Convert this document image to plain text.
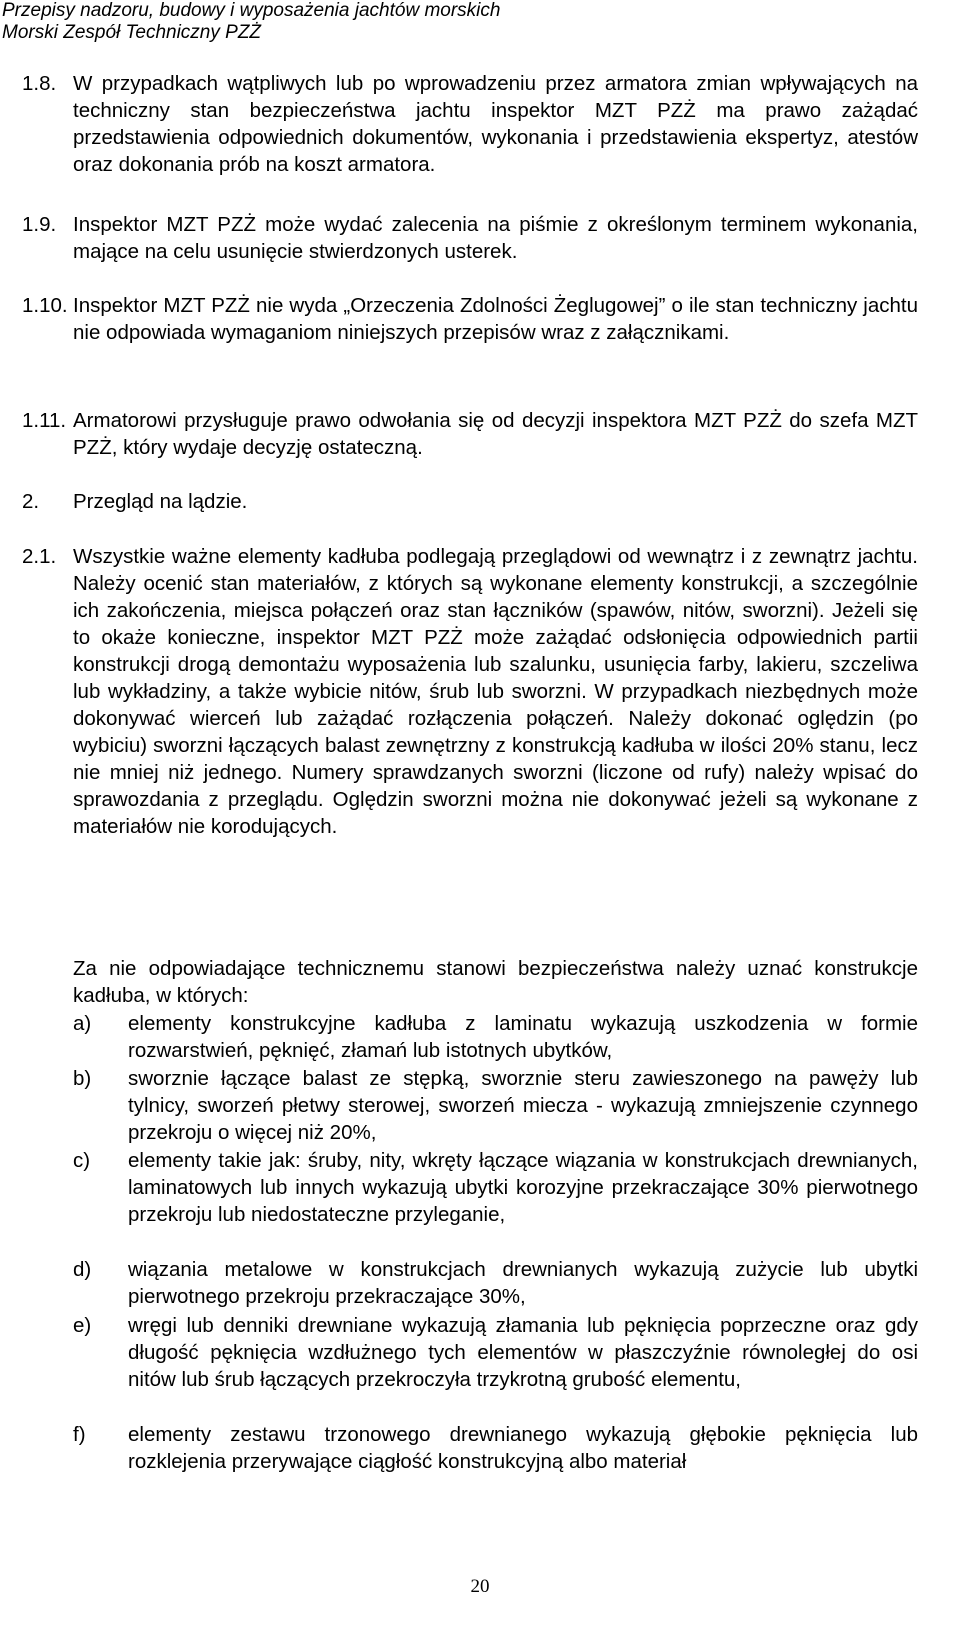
Przepisy nadzoru, budowy i wyposażenia jachtów morskich
Morski Zespół Techniczny PZŻ
1.8. W przypadkach wątpliwych lub po wprowadzeniu przez armatora zmian wpływających na techniczny stan bezpieczeństwa jachtu inspektor MZT PZŻ ma prawo zażądać przedstawienia odpowiednich dokumentów, wykonania i przedstawienia ekspertyz, atestów oraz dokonania prób na koszt armatora.
1.9. Inspektor MZT PZŻ może wydać zalecenia na piśmie z określonym terminem wykonania, mające na celu usunięcie stwierdzonych usterek.
1.10. Inspektor MZT PZŻ nie wyda „Orzeczenia Zdolności Żeglugowej” o ile stan techniczny jachtu nie odpowiada wymaganiom niniejszych przepisów wraz z załącznikami.
1.11. Armatorowi przysługuje prawo odwołania się od decyzji inspektora MZT PZŻ do szefa MZT PZŻ, który wydaje decyzję ostateczną.
2. Przegląd na lądzie.
2.1. Wszystkie ważne elementy kadłuba podlegają przeglądowi od wewnątrz i z zewnątrz jachtu. Należy ocenić stan materiałów, z których są wykonane elementy konstrukcji, a szczególnie ich zakończenia, miejsca połączeń oraz stan łączników (spawów, nitów, sworzni). Jeżeli się to okaże konieczne, inspektor MZT PZŻ może zażądać odsłonięcia odpowiednich partii konstrukcji drogą demontażu wyposażenia lub szalunku, usunięcia farby, lakieru, szczeliwa lub wykładziny, a także wybicie nitów, śrub lub sworzni. W przypadkach niezbędnych może dokonywać wierceń lub zażądać rozłączenia połączeń. Należy dokonać oględzin (po wybiciu) sworzni łączących balast zewnętrzny z konstrukcją kadłuba w ilości 20% stanu, lecz nie mniej niż jednego. Numery sprawdzanych sworzni (liczone od rufy) należy wpisać do sprawozdania z przeglądu. Oględzin sworzni można nie dokonywać jeżeli są wykonane z materiałów nie korodujących.
Za nie odpowiadające technicznemu stanowi bezpieczeństwa należy uznać konstrukcje kadłuba, w których:
a) elementy konstrukcyjne kadłuba z laminatu wykazują uszkodzenia w formie rozwarstwień, pęknięć, złamań lub istotnych ubytków,
b) sworznie łączące balast ze stępką, sworznie steru zawieszonego na pawęży lub tylnicy, sworzeń płetwy sterowej, sworzeń miecza - wykazują zmniejszenie czynnego przekroju o więcej niż 20%,
c) elementy takie jak: śruby, nity, wkręty łączące wiązania w konstrukcjach drewnianych, laminatowych lub innych wykazują ubytki korozyjne przekraczające 30% pierwotnego przekroju lub niedostateczne przyleganie,
d) wiązania metalowe w konstrukcjach drewnianych wykazują zużycie lub ubytki pierwotnego przekroju przekraczające 30%,
e) wręgi lub denniki drewniane wykazują złamania lub pęknięcia poprzeczne oraz gdy długość pęknięcia wzdłużnego tych elementów w płaszczyźnie równoległej do osi nitów lub śrub łączących przekroczyła trzykrotną grubość elementu,
f) elementy zestawu trzonowego drewnianego wykazują głębokie pęknięcia lub rozklejenia przerywające ciągłość konstrukcyjną albo materiał
20
